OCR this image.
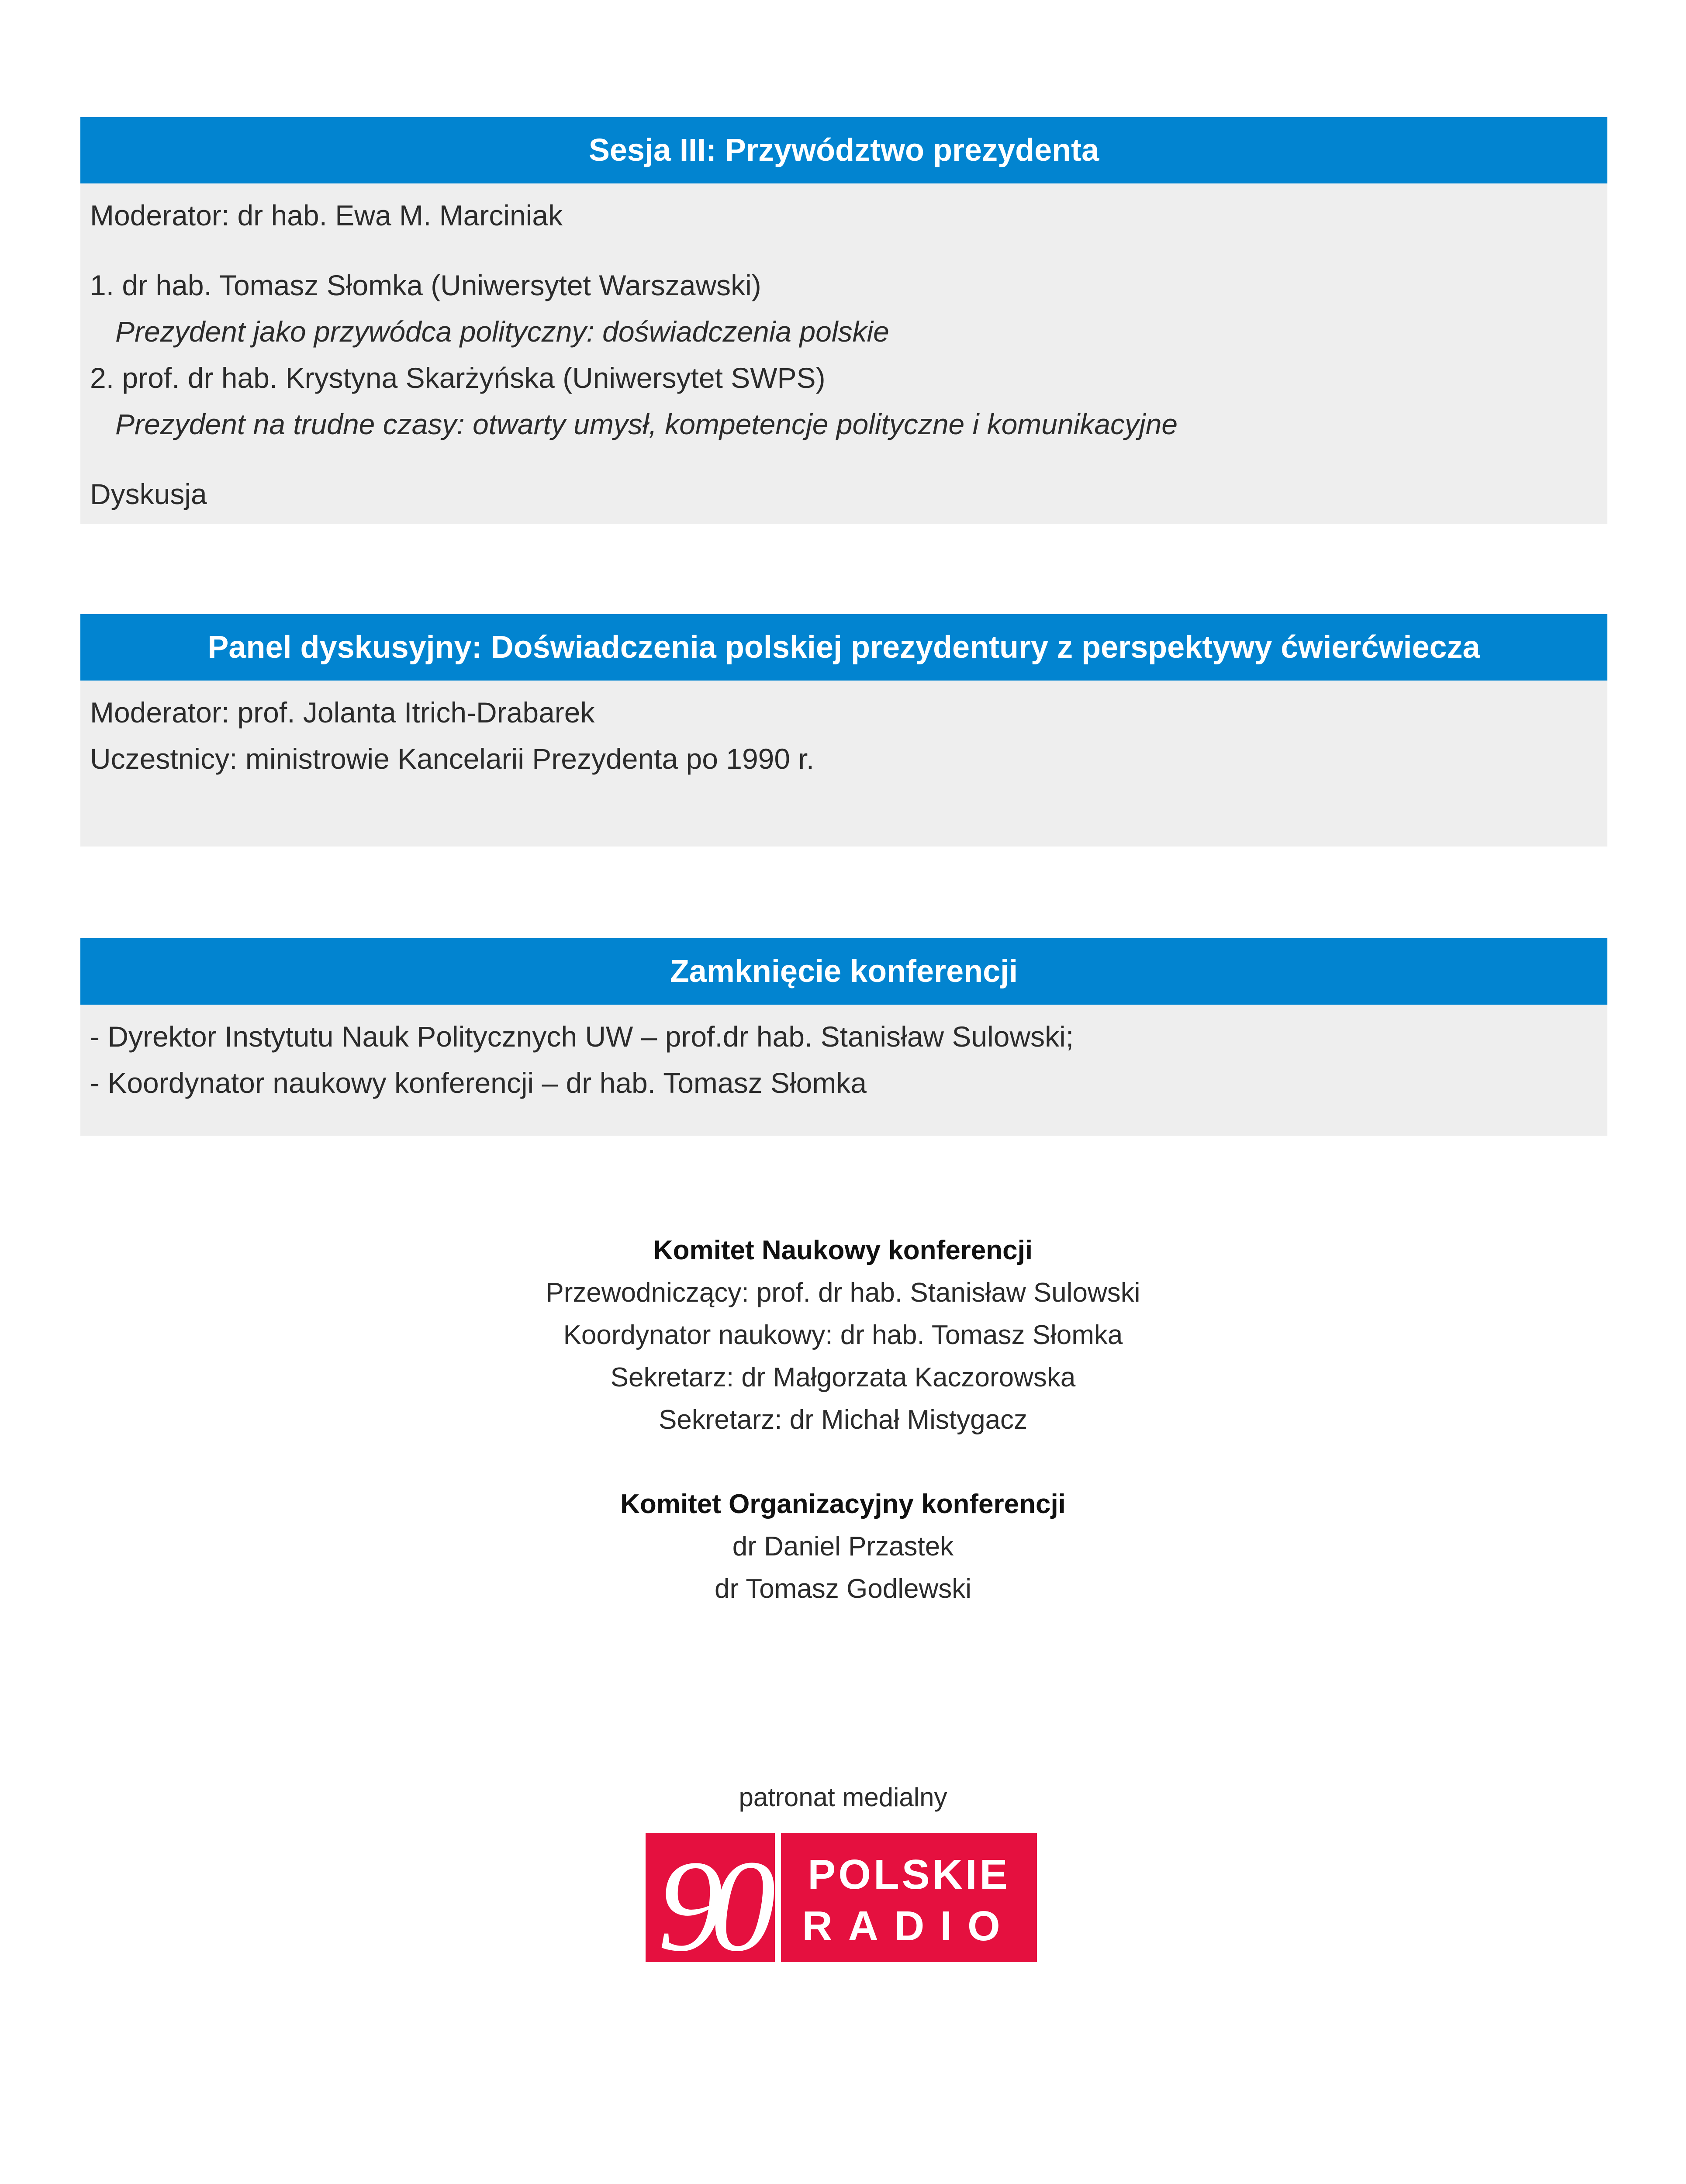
Sesja III: Przywództwo prezydenta
Moderator: dr hab. Ewa M. Marciniak
1. dr hab. Tomasz Słomka (Uniwersytet Warszawski)
Prezydent jako przywódca polityczny: doświadczenia polskie
2. prof. dr hab. Krystyna Skarżyńska (Uniwersytet SWPS)
Prezydent na trudne czasy: otwarty umysł, kompetencje polityczne i komunikacyjne
Dyskusja
Panel dyskusyjny: Doświadczenia polskiej prezydentury z perspektywy ćwierćwiecza
Moderator: prof. Jolanta Itrich-Drabarek
Uczestnicy: ministrowie Kancelarii Prezydenta po 1990 r.
Zamknięcie konferencji
- Dyrektor Instytutu Nauk Politycznych UW – prof.dr hab. Stanisław Sulowski;
- Koordynator naukowy konferencji – dr hab. Tomasz Słomka
Komitet Naukowy konferencji
Przewodniczący: prof. dr hab. Stanisław Sulowski
Koordynator naukowy: dr hab. Tomasz Słomka
Sekretarz: dr Małgorzata Kaczorowska
Sekretarz: dr Michał Mistygacz
Komitet Organizacyjny konferencji
dr Daniel Przastek
dr Tomasz Godlewski
patronat medialny
90	POLSKIE
RADIO
